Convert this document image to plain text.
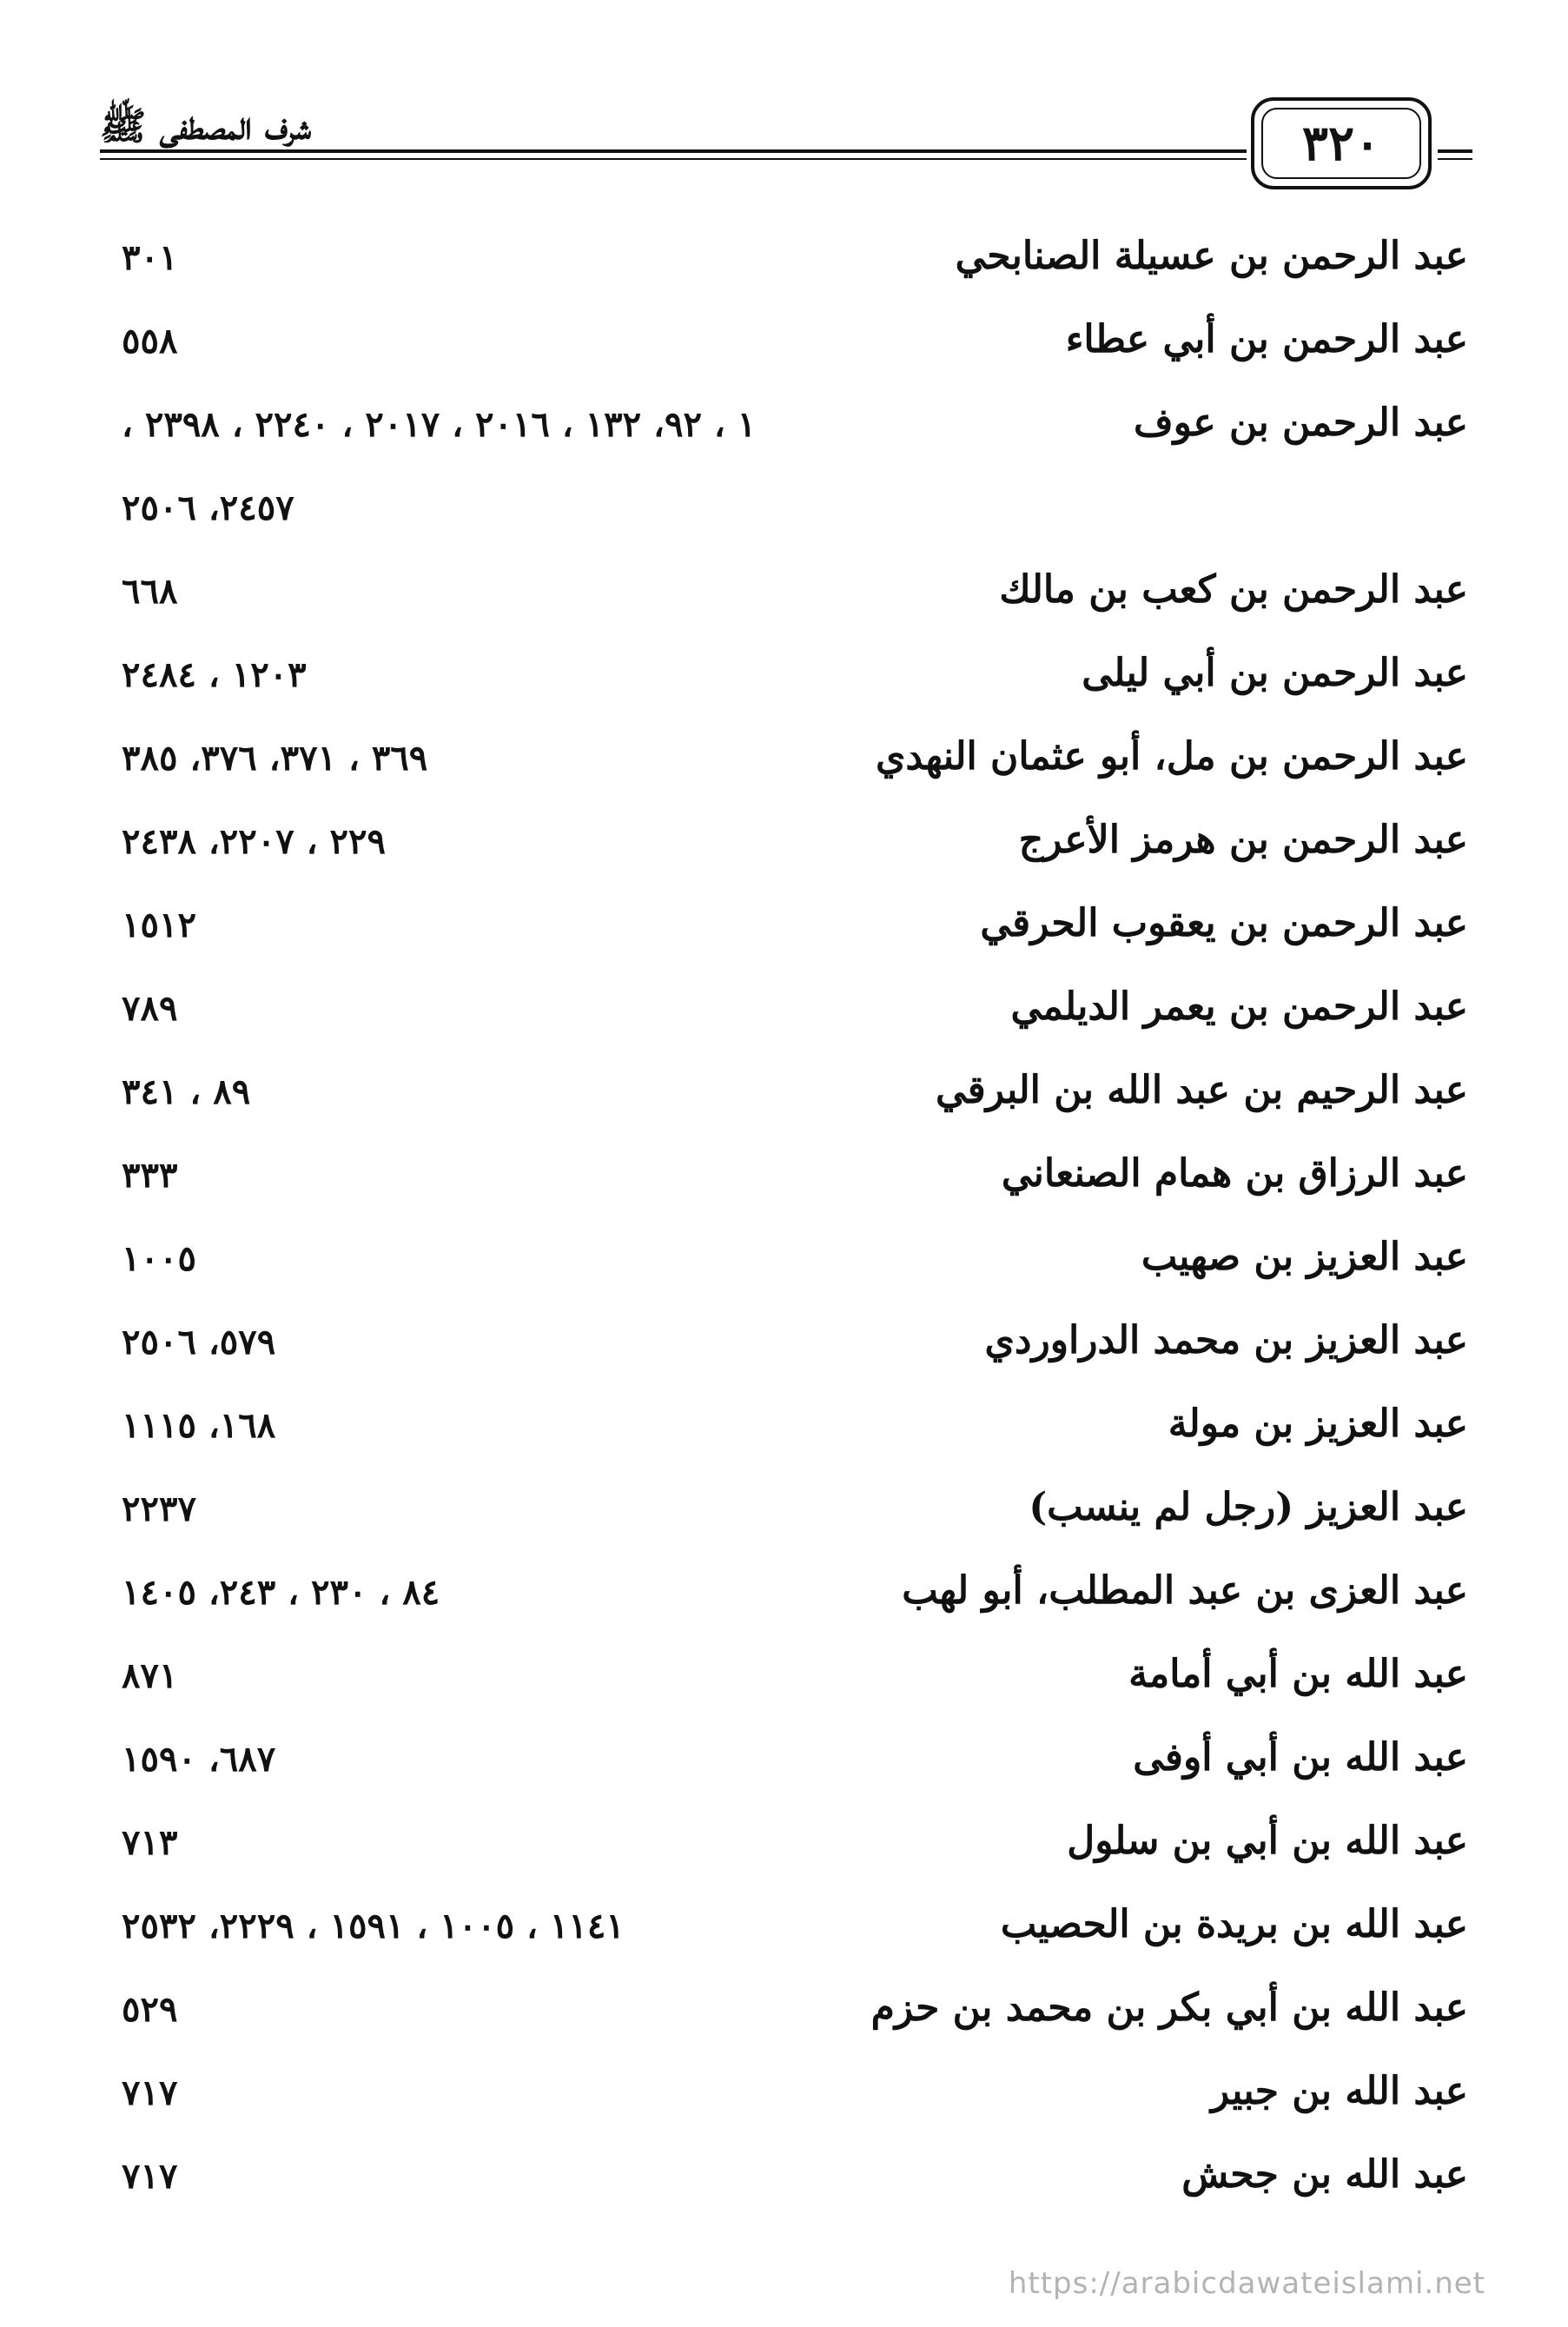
شرف المصطفى ﷺ	٣٢٠
عبد الرحمن بن عسيلة الصنابحي
٣٠١
عبد الرحمن بن أبي عطاء
٥٥٨
عبد الرحمن بن عوف
١ ، ٩٢، ١٣٢ ، ٢٠١٦ ، ٢٠١٧ ، ٢٢٤٠ ، ٢٣٩٨ ،
٢٤٥٧، ٢٥٠٦
عبد الرحمن بن كعب بن مالك
٦٦٨
عبد الرحمن بن أبي ليلى
١٢٠٣ ، ٢٤٨٤
عبد الرحمن بن مل، أبو عثمان النهدي
٣٦٩ ، ٣٧١، ٣٧٦، ٣٨٥
عبد الرحمن بن هرمز الأعرج
٢٢٩ ، ٢٢٠٧، ٢٤٣٨
عبد الرحمن بن يعقوب الحرقي
١٥١٢
عبد الرحمن بن يعمر الديلمي
٧٨٩
عبد الرحيم بن عبد الله بن البرقي
٨٩ ، ٣٤١
عبد الرزاق بن همام الصنعاني
٣٣٣
عبد العزيز بن صهيب
١٠٠٥
عبد العزيز بن محمد الدراوردي
٥٧٩، ٢٥٠٦
عبد العزيز بن مولة
١٦٨، ١١١٥
عبد العزيز (رجل لم ينسب)
٢٢٣٧
عبد العزى بن عبد المطلب، أبو لهب
٨٤ ، ٢٣٠ ، ٢٤٣، ١٤٠٥
عبد الله بن أبي أمامة
٨٧١
عبد الله بن أبي أوفى
٦٨٧، ١٥٩٠
عبد الله بن أبي بن سلول
٧١٣
عبد الله بن بريدة بن الحصيب
١١٤١ ، ١٠٠٥ ، ١٥٩١ ، ٢٢٢٩، ٢٥٣٢
عبد الله بن أبي بكر بن محمد بن حزم
٥٢٩
عبد الله بن جبير
٧١٧
عبد الله بن جحش
٧١٧
https://arabicdawateislami.net
